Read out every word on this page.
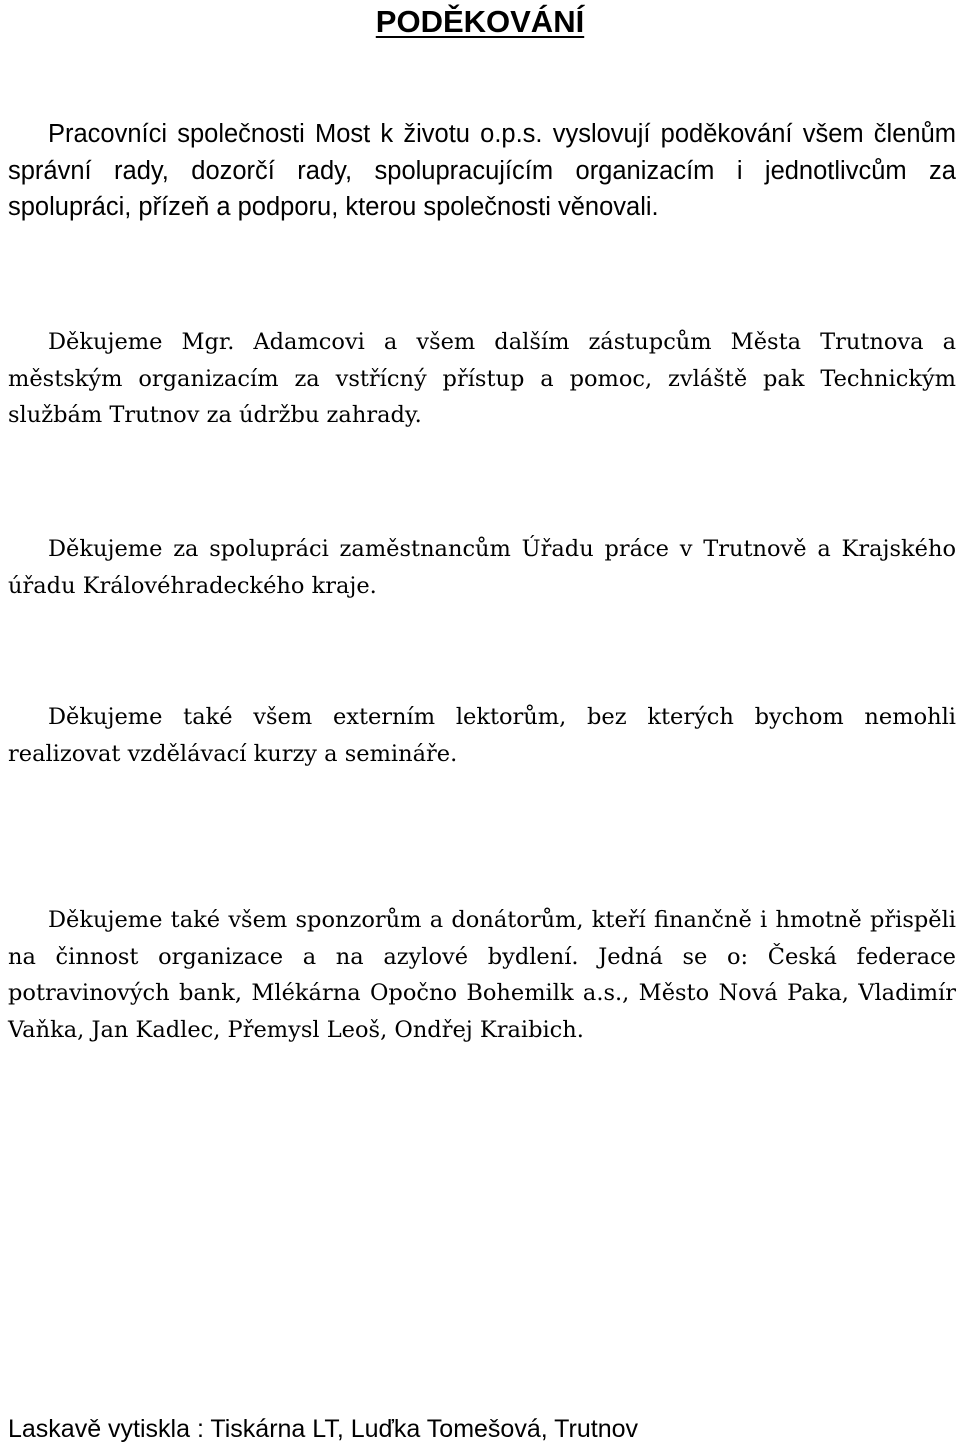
PODĚKOVÁNÍ

Pracovníci společnosti Most k životu o.p.s. vyslovují poděkování všem členům správní rady, dozorčí rady, spolupracujícím organizacím i jednotlivcům za spolupráci, přízeň a podporu, kterou společnosti věnovali.

Děkujeme Mgr. Adamcovi a všem dalším zástupcům Města Trutnova a městským organizacím za vstřícný přístup a pomoc, zvláště pak Technickým službám Trutnov za údržbu zahrady.

Děkujeme za spolupráci zaměstnancům Úřadu práce v Trutnově a Krajského úřadu Královéhradeckého kraje.

Děkujeme také všem externím lektorům, bez kterých bychom nemohli realizovat vzdělávací kurzy a semináře.

Děkujeme také všem sponzorům a donátorům, kteří finančně i hmotně přispěli na činnost organizace a na azylové bydlení. Jedná se o: Česká federace potravinových bank, Mlékárna Opočno Bohemilk a.s., Město Nová Paka, Vladimír Vaňka, Jan Kadlec, Přemysl Leoš, Ondřej Kraibich.

Laskavě vytiskla : Tiskárna LT, Luďka Tomešová, Trutnov
